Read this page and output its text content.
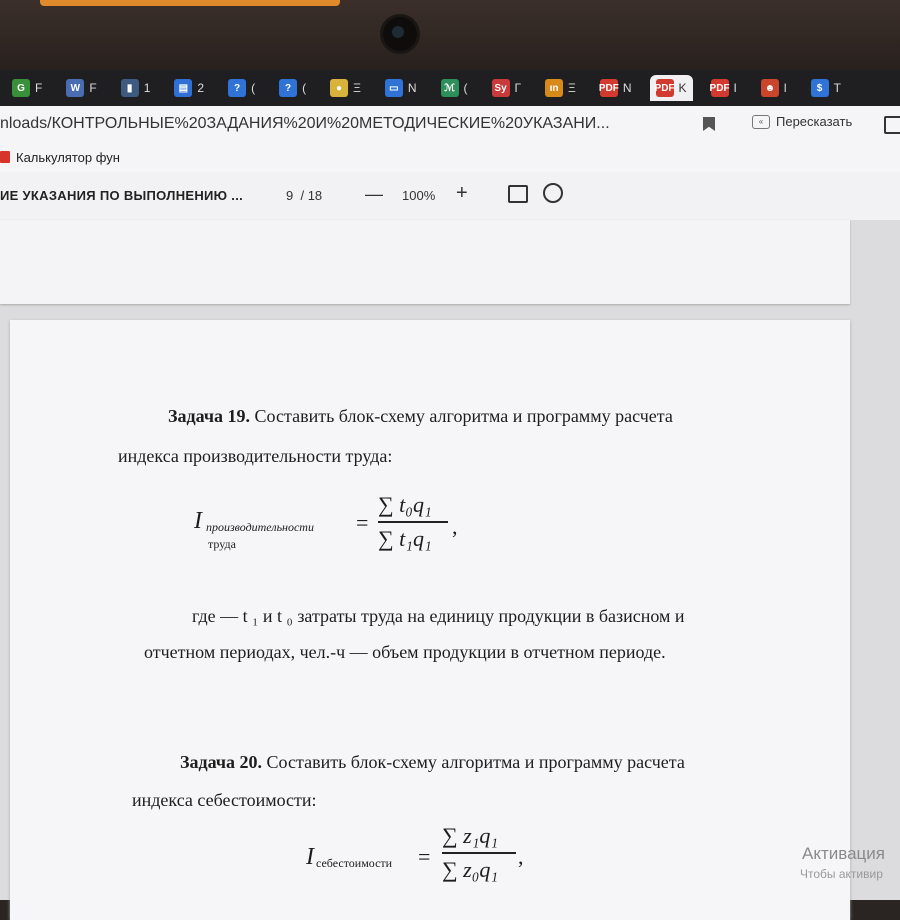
G F	W F	▮ 1	▤ 2	? (	? (	● Ξ	▭ N	ℳ (	Sy Г	ın Ξ PDF N PDF K PDF I	☻ l	$ T
nloads/КОНТРОЛЬНЫЕ%20ЗАДАНИЯ%20И%20МЕТОДИЧЕСКИЕ%20УКАЗАНИ...	« Пересказать
Калькулятор фун
ИЕ УКАЗАНИЯ ПО ВЫПОЛНЕНИЮ ...	9 / 18 — 100% +
Задача 19. Составить блок-схему алгоритма и программу расчета
индекса производительности труда:
I производительности
труда
=
∑ t₀q₁
∑ t₁q₁ ,
где — t ₁ и t ₀ затраты труда на единицу продукции в базисном и
отчетном периодах, чел.-ч — объем продукции в отчетном периоде.
Задача 20. Составить блок-схему алгоритма и программу расчета
индекса себестоимости:
I себестоимости =
∑ z₁q₁
∑ z₀q₁
,	Активация
Чтобы активир
